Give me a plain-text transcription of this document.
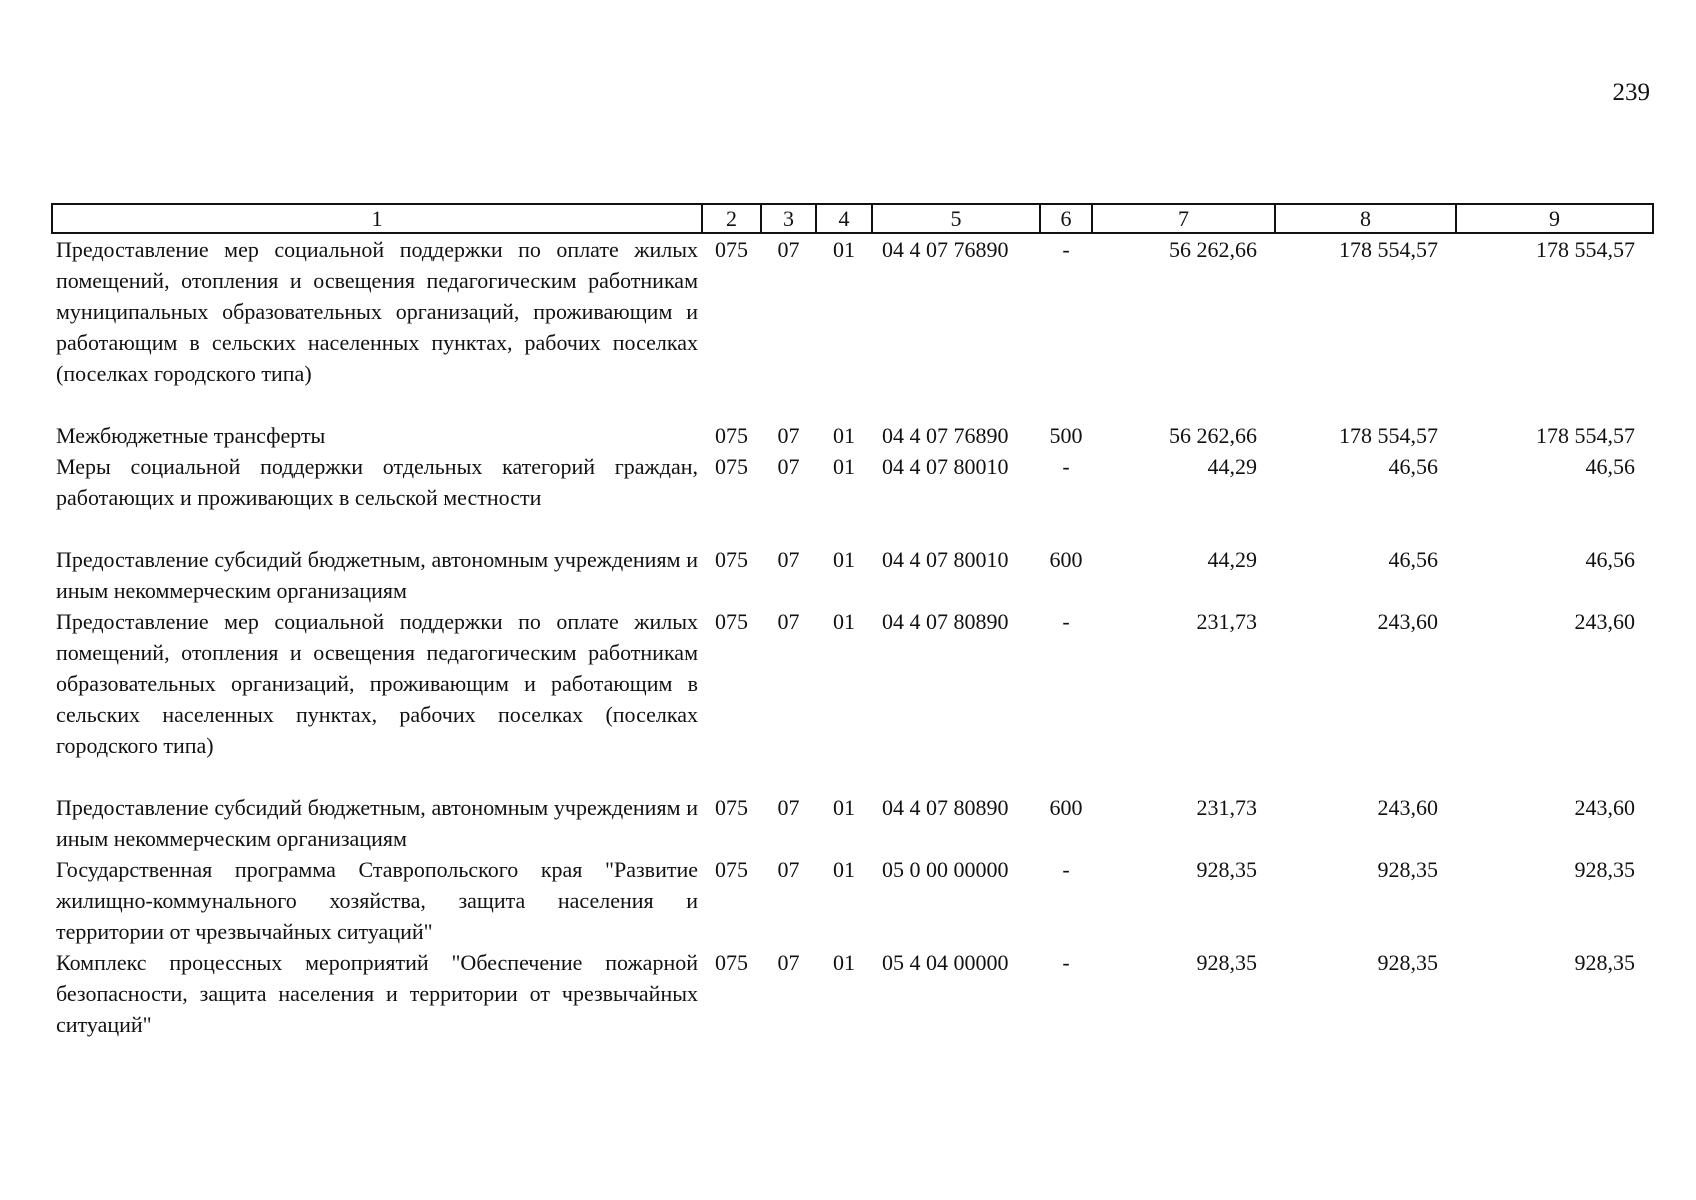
239
1	2	3	4	5	6	7	8	9
Предоставление мер социальной поддержки по оплате жилых помещений, отопления и освещения педагогическим работникам муниципальных образовательных организаций, проживающим и работающим в сельских населенных пунктах, рабочих поселках (поселках городского типа)	075	07	01	04 4 07 76890	-	56 262,66	178 554,57	178 554,57
Межбюджетные трансферты	075	07	01	04 4 07 76890	500	56 262,66	178 554,57	178 554,57
Меры социальной поддержки отдельных категорий граждан, работающих и проживающих в сельской местности	075	07	01	04 4 07 80010	-	44,29	46,56	46,56
Предоставление субсидий бюджетным, автономным учреждениям и иным некоммерческим организациям	075	07	01	04 4 07 80010	600	44,29	46,56	46,56
Предоставление мер социальной поддержки по оплате жилых помещений, отопления и освещения педагогическим работникам образовательных организаций, проживающим и работающим в сельских населенных пунктах, рабочих поселках (поселках городского типа)	075	07	01	04 4 07 80890	-	231,73	243,60	243,60
Предоставление субсидий бюджетным, автономным учреждениям и иным некоммерческим организациям	075	07	01	04 4 07 80890	600	231,73	243,60	243,60
Государственная программа Ставропольского края "Развитие жилищно-коммунального хозяйства, защита населения и территории от чрезвычайных ситуаций"	075	07	01	05 0 00 00000	-	928,35	928,35	928,35
Комплекс процессных мероприятий "Обеспечение пожарной безопасности, защита населения и территории от чрезвычайных ситуаций"	075	07	01	05 4 04 00000	-	928,35	928,35	928,35
